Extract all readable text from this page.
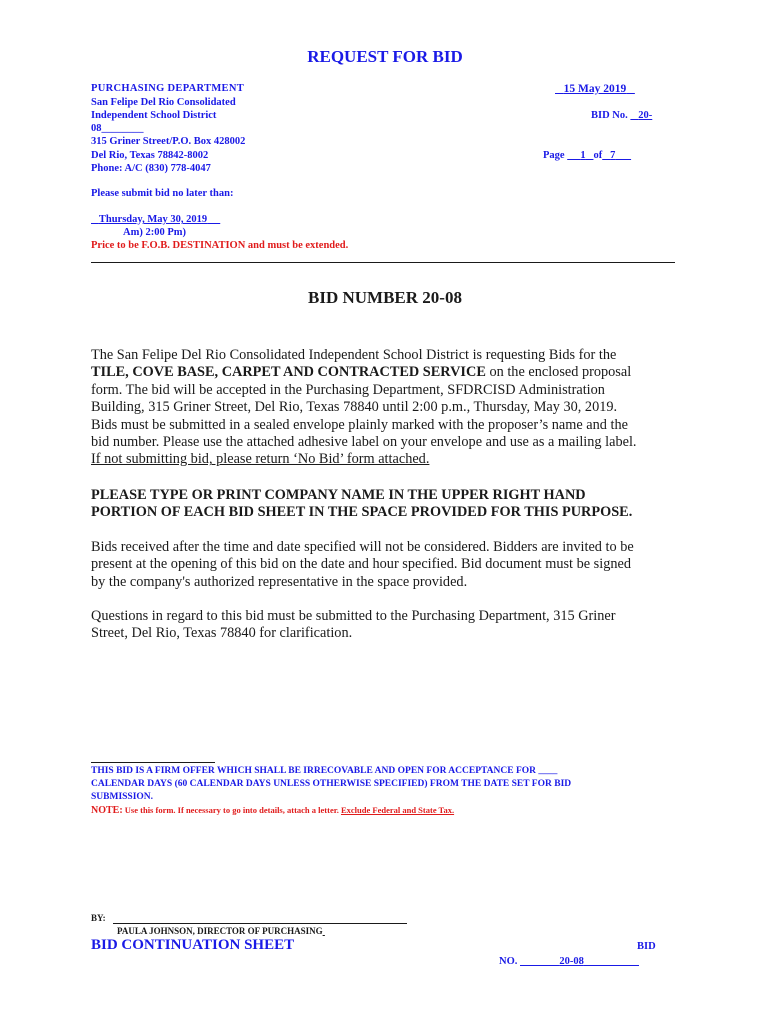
REQUEST FOR BID
PURCHASING DEPARTMENT
San Felipe Del Rio Consolidated
Independent School District
08________
315 Griner Street/P.O. Box 428002
Del Rio, Texas 78842-8002
Phone: A/C (830) 778-4047
15 May 2019
BID No. 20-
Page 1 of 7
Please submit bid no later than:
Thursday, May 30, 2019
Am) 2:00 Pm)
Price to be F.O.B. DESTINATION and must be extended.
BID NUMBER 20-08

The San Felipe Del Rio Consolidated Independent School District is requesting Bids for the

TILE, COVE BASE, CARPET AND CONTRACTED SERVICE on the enclosed proposal

form. The bid will be accepted in the Purchasing Department, SFDRCISD Administration

Building, 315 Griner Street, Del Rio, Texas 78840 until 2:00 p.m., Thursday, May 30, 2019.

Bids must be submitted in a sealed envelope plainly marked with the proposer’s name and the

bid number. Please use the attached adhesive label on your envelope and use as a mailing label.

If not submitting bid, please return ‘No Bid’ form attached.

PLEASE TYPE OR PRINT COMPANY NAME IN THE UPPER RIGHT HAND
PORTION OF EACH BID SHEET IN THE SPACE PROVIDED FOR THIS PURPOSE.

Bids received after the time and date specified will not be considered. Bidders are invited to be

present at the opening of this bid on the date and hour specified. Bid document must be signed

by the company's authorized representative in the space provided.

Questions in regard to this bid must be submitted to the Purchasing Department, 315 Griner

Street, Del Rio, Texas 78840 for clarification.

THIS BID IS A FIRM OFFER WHICH SHALL BE IRRECOVABLE AND OPEN FOR ACCEPTANCE FOR ____
CALENDAR DAYS (60 CALENDAR DAYS UNLESS OTHERWISE SPECIFIED) FROM THE DATE SET FOR BID
SUBMISSION.
NOTE: Use this form. If necessary to go into details, attach a letter. Exclude Federal and State Tax.
BY:
PAULA JOHNSON, DIRECTOR OF PURCHASING
BID CONTINUATION SHEET	BID
NO.	20-08
